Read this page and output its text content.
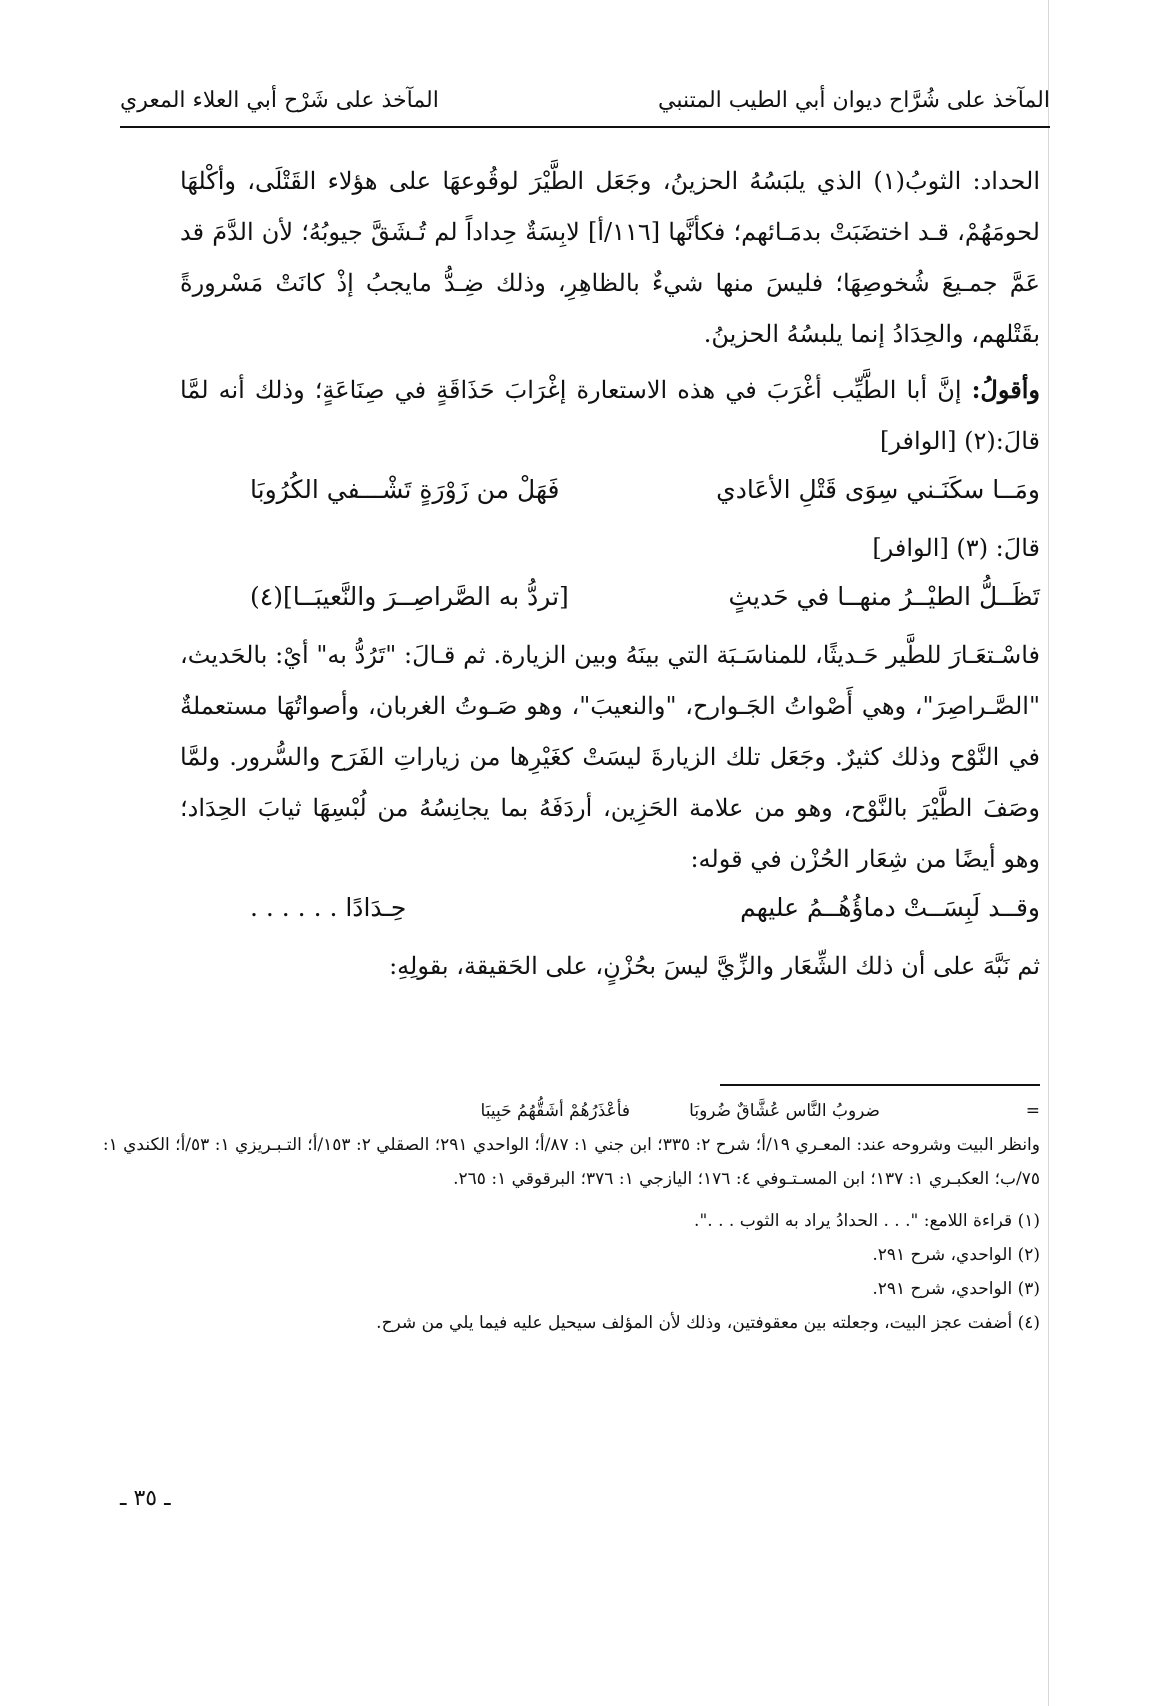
المآخذ على شُرَّاح ديوان أبي الطيب المتنبي
المآخذ على شَرْح أبي العلاء المعري

الحداد: الثوبُ(١) الذي يلبَسُهُ الحزينُ، وجَعَل الطَّيْرَ لوقُوعهَا على هؤلاء القَتْلَى، وأكْلهَا لحومَهُمْ، قـد اختضَبَتْ بدمَـائهم؛ فكأنَّها [١١٦/أ] لابِسَةٌ حِداداً لم تُـشَقَّ جيوبُهُ؛ لأن الدَّمَ قد عَمَّ جمـيعَ شُخوصِهَا؛ فليسَ منها شيءٌ بالظاهِرِ، وذلك ضِـدُّ مايجبُ إذْ كانَتْ مَسْرورةً بقَتْلهم، والحِدَادُ إنما يلبسُهُ الحزينُ.

وأقولُ: إنَّ أبا الطَّيِّب أغْرَبَ في هذه الاستعارة إغْرَابَ حَذَاقَةٍ في صِنَاعَةٍ؛ وذلك أنه لمَّا قالَ:(٢) [الوافر]

ومَــا سكَنَـني سِوَى قَتْلِ الأعَادي
فَهَلْ من زَوْرَةٍ تَشْـــفي الكُرُوبَا

قالَ: (٣) [الوافر]

تَظَــلُّ الطيْــرُ منهــا في حَديثٍ
[تردُّ به الصَّراصِــرَ والنَّعيبَــا](٤)

فاسْـتعَـارَ للطَّير حَـديثًا، للمناسَـبَة التي بينَهُ وبين الزيارة. ثم قـالَ: "تَرُدُّ به" أيْ: بالحَديث، "الصَّـراصِرَ"، وهي أَصْواتُ الجَـوارح، "والنعيبَ"، وهو صَـوتُ الغربان، وأصواتُهَا مستعملةٌ في النَّوْح وذلك كثيرٌ. وجَعَل تلك الزيارةَ ليسَتْ كغَيْرِها من زياراتِ الفَرَح والسُّرور. ولمَّا وصَفَ الطَّيْرَ بالنَّوْح، وهو من علامة الحَزِين، أردَفَهُ بما يجانِسُهُ من لُبْسِهَا ثيابَ الحِدَاد؛ وهو أيضًا من شِعَار الحُزْن في قوله:

وقــد لَبِسَــتْ دماؤُهُــمُ عليهم
حِـدَادًا . . . . . .

ثم نَبَّهَ على أن ذلك الشِّعَار والزِّيَّ ليسَ بحُزْنٍ، على الحَقيقة، بقولِهِ:

=
ضروبُ النَّاس عُشَّاقٌ ضُروبَا
فأعْذَرُهُمْ أشَقُّهُمُ حَبِيبَا

وانظر البيت وشروحه عند: المعـري ١٩/أ؛ شرح ٢: ٣٣٥؛ ابن جني ١: ٨٧/أ؛ الواحدي ٢٩١؛ الصقلي ٢: ١٥٣/أ؛ التـبـريزي ١: ٥٣/أ؛ الكندي ١: ٧٥/ب؛ العكبـري ١: ١٣٧؛ ابن المسـتـوفي ٤: ١٧٦؛ اليازجي ١: ٣٧٦؛ البرقوقي ١: ٢٦٥.

(١) قراءة اللامع: ". . . الحدادُ يراد به الثوب . . .".

(٢) الواحدي، شرح ٢٩١.

(٣) الواحدي، شرح ٢٩١.

(٤) أضفت عجز البيت، وجعلته بين معقوفتين، وذلك لأن المؤلف سيحيل عليه فيما يلي من شرح.

ـ ٣٥ ـ
